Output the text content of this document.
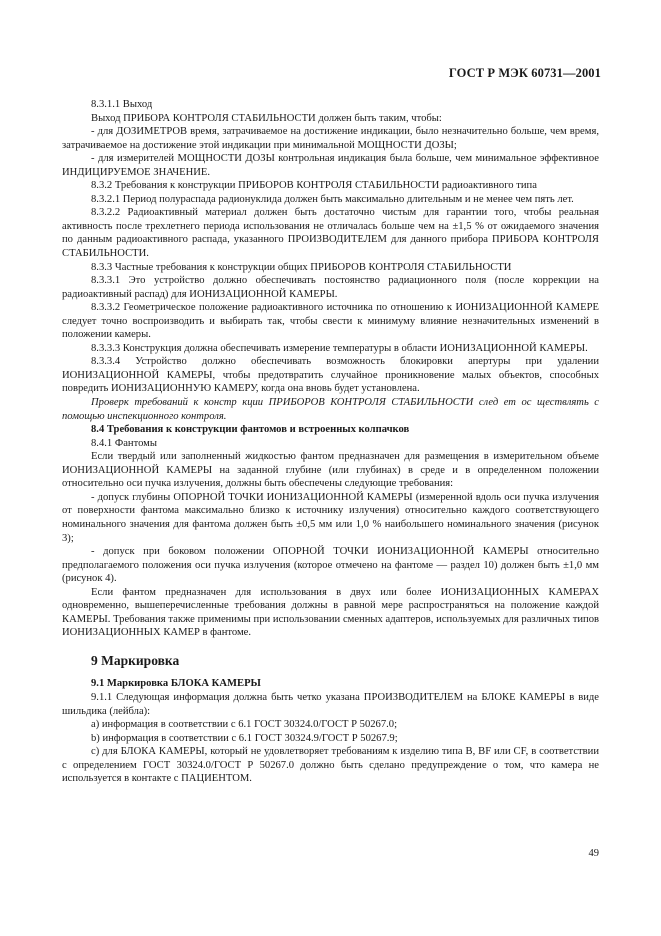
ГОСТ Р МЭК 60731—2001

8.3.1.1 Выход

Выход ПРИБОРА КОНТРОЛЯ СТАБИЛЬНОСТИ должен быть таким, чтобы:

- для ДОЗИМЕТРОВ время, затрачиваемое на достижение индикации, было незначительно больше, чем время, затрачиваемое на достижение этой индикации при минимальной МОЩНОСТИ ДОЗЫ;

- для измерителей МОЩНОСТИ ДОЗЫ контрольная индикация была больше, чем минимальное эффективное ИНДИЦИРУЕМОЕ ЗНАЧЕНИЕ.

8.3.2 Требования к конструкции ПРИБОРОВ КОНТРОЛЯ СТАБИЛЬНОСТИ радиоактивного типа

8.3.2.1 Период полураспада радионуклида должен быть максимально длительным и не менее чем пять лет.

8.3.2.2 Радиоактивный материал должен быть достаточно чистым для гарантии того, чтобы реальная активность после трехлетнего периода использования не отличалась больше чем на ±1,5 % от ожидаемого значения по данным радиоактивного распада, указанного ПРОИЗВОДИТЕЛЕМ для данного прибора ПРИБОРА КОНТРОЛЯ СТАБИЛЬНОСТИ.

8.3.3 Частные требования к конструкции общих ПРИБОРОВ КОНТРОЛЯ СТАБИЛЬНОСТИ

8.3.3.1 Это устройство должно обеспечивать постоянство радиационного поля (после коррекции на радиоактивный распад) для ИОНИЗАЦИОННОЙ КАМЕРЫ.

8.3.3.2 Геометрическое положение радиоактивного источника по отношению к ИОНИЗАЦИОННОЙ КАМЕРЕ следует точно воспроизводить и выбирать так, чтобы свести к минимуму влияние незначительных изменений в положении камеры.

8.3.3.3 Конструкция должна обеспечивать измерение температуры в области ИОНИЗАЦИОННОЙ КАМЕРЫ.

8.3.3.4 Устройство должно обеспечивать возможность блокировки апертуры при удалении ИОНИЗАЦИОННОЙ КАМЕРЫ, чтобы предотвратить случайное проникновение малых объектов, способных повредить ИОНИЗАЦИОННУЮ КАМЕРУ, когда она вновь будет установлена.

Проверк требований к констр кции ПРИБОРОВ КОНТРОЛЯ СТАБИЛЬНОСТИ след ет ос ществлять с помощью инспекционного контроля.

8.4 Требования к конструкции фантомов и встроенных колпачков

8.4.1 Фантомы

Если твердый или заполненный жидкостью фантом предназначен для размещения в измерительном объеме ИОНИЗАЦИОННОЙ КАМЕРЫ на заданной глубине (или глубинах) в среде и в определенном положении относительно оси пучка излучения, должны быть обеспечены следующие требования:

- допуск глубины ОПОРНОЙ ТОЧКИ ИОНИЗАЦИОННОЙ КАМЕРЫ (измеренной вдоль оси пучка излучения от поверхности фантома максимально близко к источнику излучения) относительно каждого соответствующего номинального значения для фантома должен быть ±0,5 мм или 1,0 % наибольшего номинального значения (рисунок 3);

- допуск при боковом положении ОПОРНОЙ ТОЧКИ ИОНИЗАЦИОННОЙ КАМЕРЫ относительно предполагаемого положения оси пучка излучения (которое отмечено на фантоме — раздел 10) должен быть ±1,0 мм (рисунок 4).

Если фантом предназначен для использования в двух или более ИОНИЗАЦИОННЫХ КАМЕРАХ одновременно, вышеперечисленные требования должны в равной мере распространяться на положение каждой КАМЕРЫ. Требования также применимы при использовании сменных адаптеров, используемых для различных типов ИОНИЗАЦИОННЫХ КАМЕР в фантоме.

9 Маркировка

9.1 Маркировка БЛОКА КАМЕРЫ

9.1.1 Следующая информация должна быть четко указана ПРОИЗВОДИТЕЛЕМ на БЛОКЕ КАМЕРЫ в виде шильдика (лейбла):

а) информация в соответствии с 6.1 ГОСТ 30324.0/ГОСТ Р 50267.0;

b) информация в соответствии с 6.1 ГОСТ 30324.9/ГОСТ Р 50267.9;

с) для БЛОКА КАМЕРЫ, который не удовлетворяет требованиям к изделию типа B, BF или CF, в соответствии с определением ГОСТ 30324.0/ГОСТ Р 50267.0 должно быть сделано предупреждение о том, что камера не используется в контакте с ПАЦИЕНТОМ.

49
